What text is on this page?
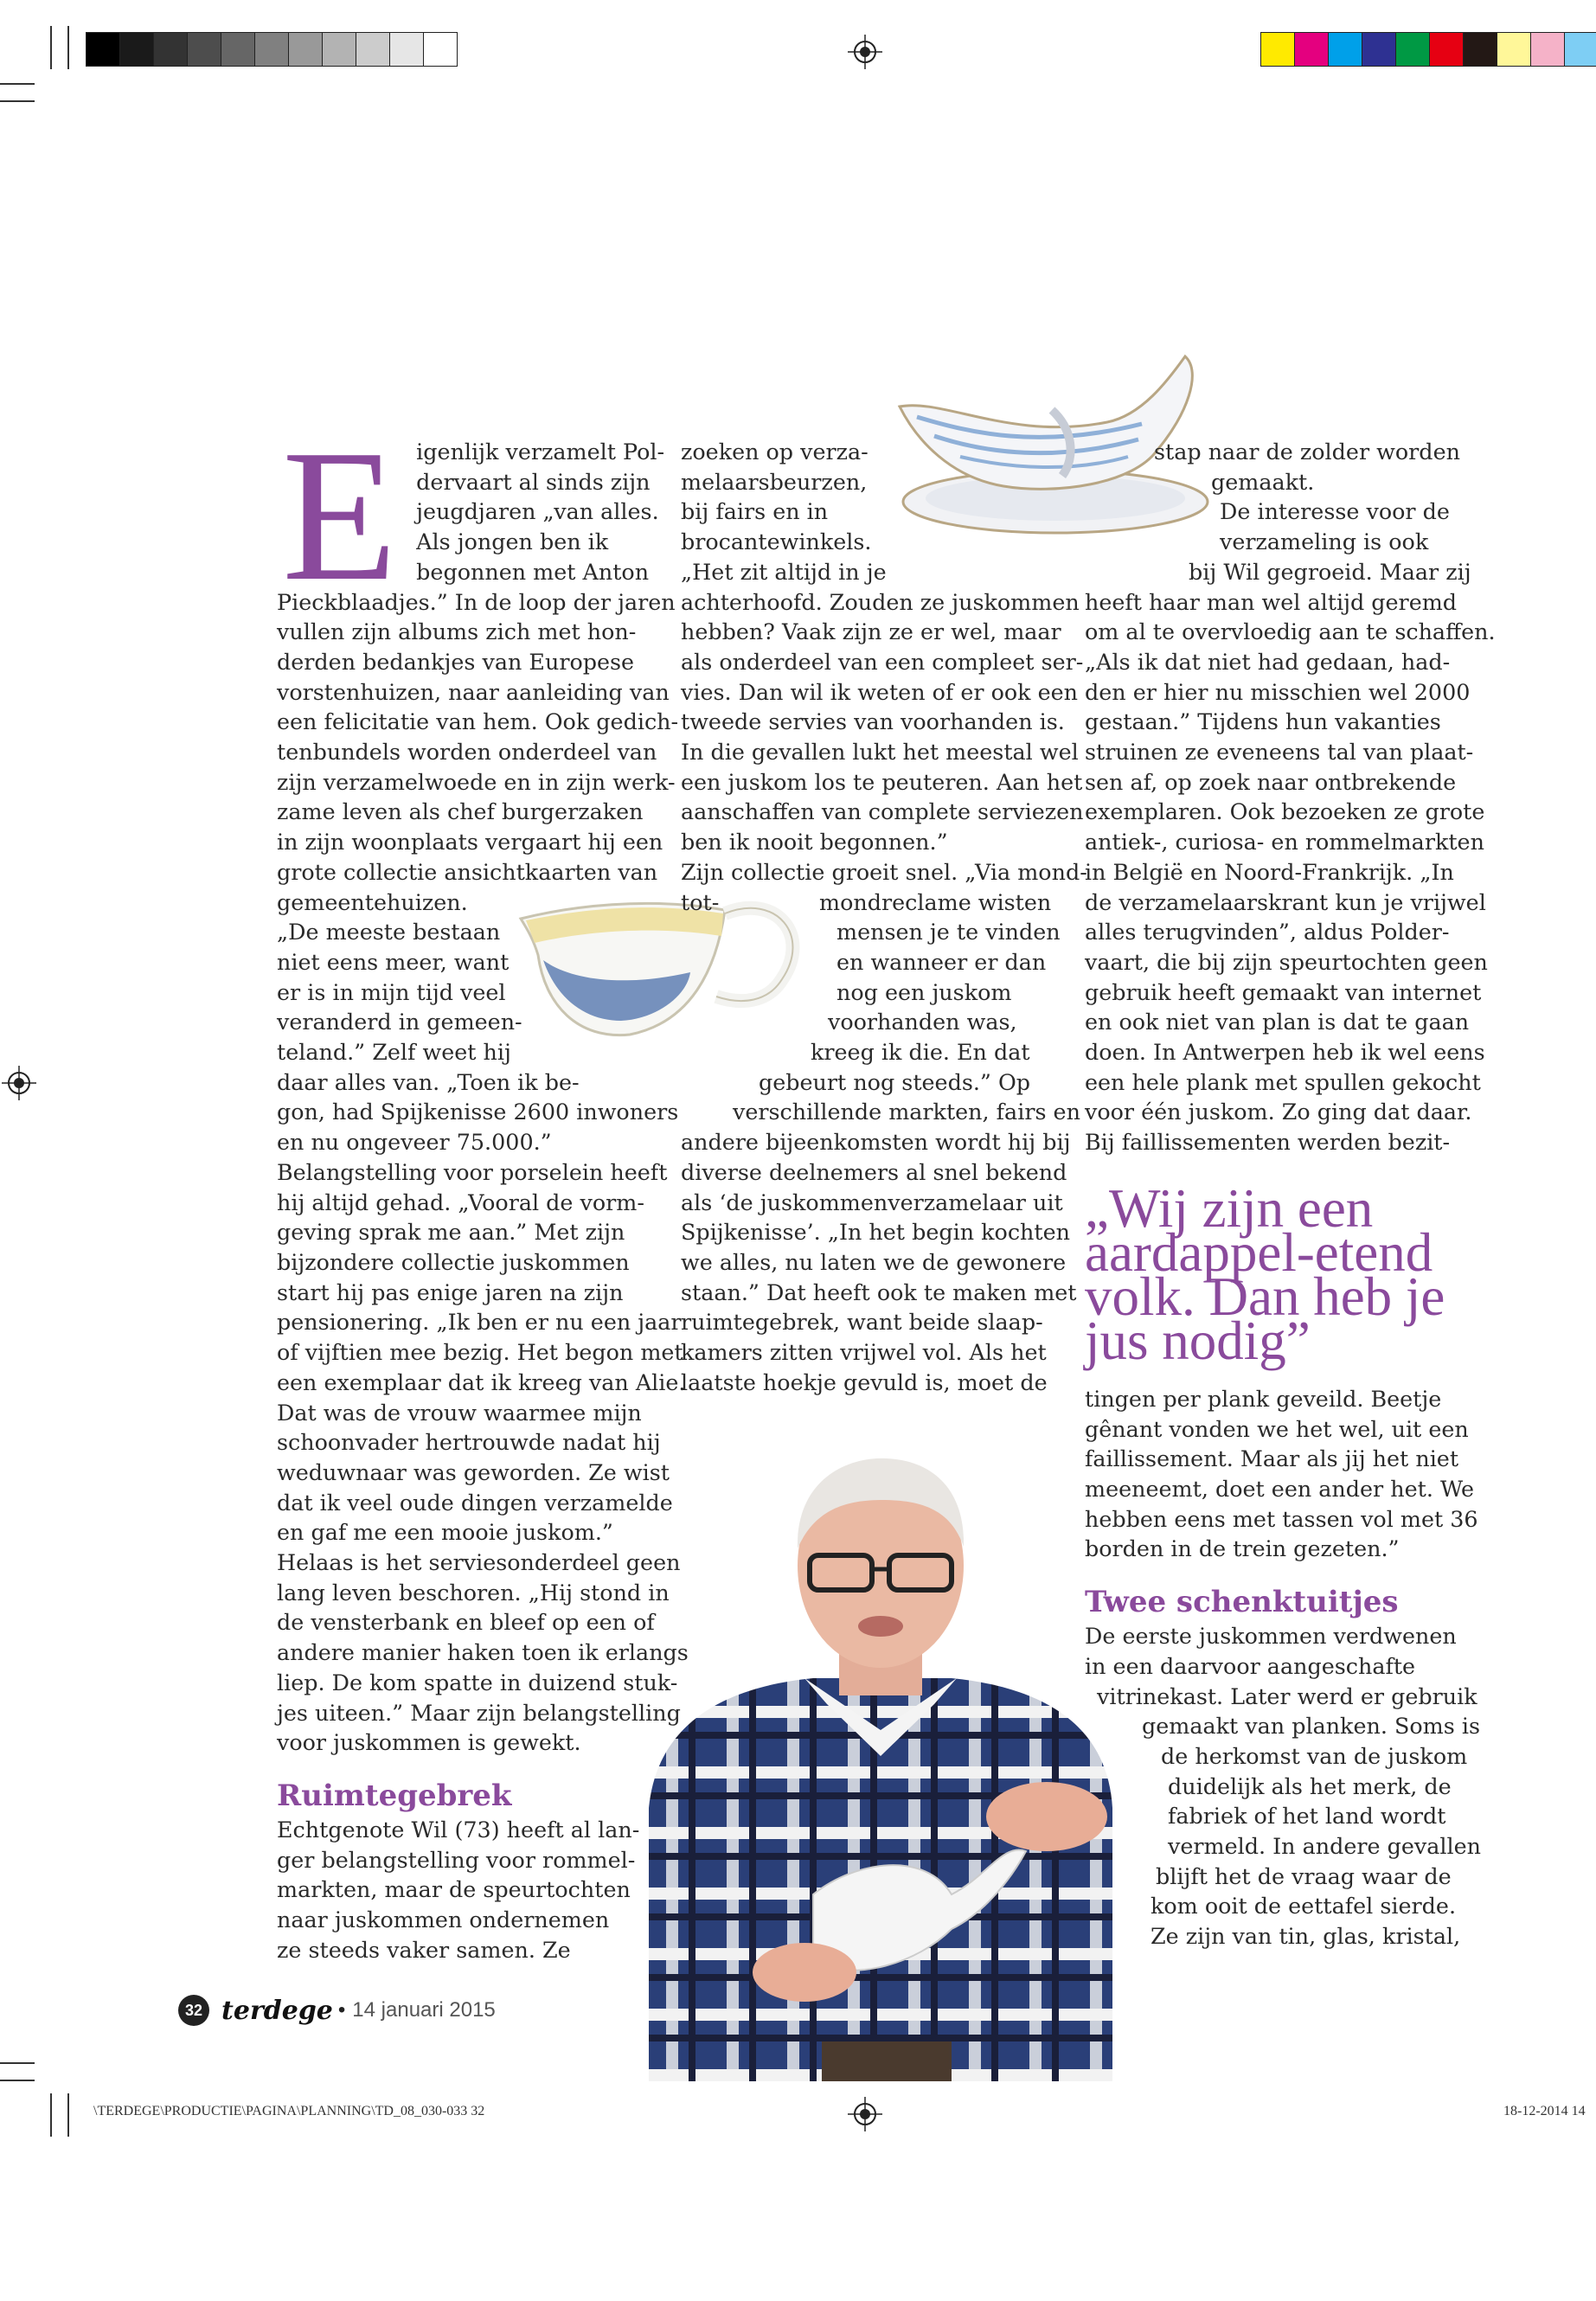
E igenlijk verzamelt Pol-
dervaart al sinds zijn
jeugdjaren „van alles.
Als jongen ben ik
begonnen met Anton

Pieckblaadjes.” In de loop der jaren
vullen zijn albums zich met hon-
derden bedankjes van Europese
vorstenhuizen, naar aanleiding van
een felicitatie van hem. Ook gedich-
tenbundels worden onderdeel van
zijn verzamelwoede en in zijn werk-
zame leven als chef burgerzaken
in zijn woonplaats vergaart hij een
grote collectie ansichtkaarten van
gemeentehuizen.

„De meeste bestaan
niet eens meer, want
er is in mijn tijd veel
veranderd in gemeen-
teland.” Zelf weet hij
daar alles van. „Toen ik be-

gon, had Spijkenisse 2600 inwoners
en nu ongeveer 75.000.”
Belangstelling voor porselein heeft
hij altijd gehad. „Vooral de vorm-
geving sprak me aan.” Met zijn
bijzondere collectie juskommen
start hij pas enige jaren na zijn
pensionering. „Ik ben er nu een jaar
of vijftien mee bezig. Het begon met
een exemplaar dat ik kreeg van Alie.
Dat was de vrouw waarmee mijn
schoonvader hertrouwde nadat hij
weduwnaar was geworden. Ze wist
dat ik veel oude dingen verzamelde
en gaf me een mooie juskom.”
Helaas is het serviesonderdeel geen
lang leven beschoren. „Hij stond in
de vensterbank en bleef op een of
andere manier haken toen ik erlangs
liep. De kom spatte in duizend stuk-
jes uiteen.” Maar zijn belangstelling
voor juskommen is gewekt.

Ruimtegebrek

Echtgenote Wil (73) heeft al lan-
ger belangstelling voor rommel-
markten, maar de speurtochten
naar juskommen ondernemen
ze steeds vaker samen. Ze

zoeken op verza-
melaarsbeurzen,
bij fairs en in
brocantewinkels.

„Het zit altijd in je
achterhoofd. Zouden ze juskommen
hebben? Vaak zijn ze er wel, maar
als onderdeel van een compleet ser-
vies. Dan wil ik weten of er ook een
tweede servies van voorhanden is.
In die gevallen lukt het meestal wel
een juskom los te peuteren. Aan het
aanschaffen van complete serviezen
ben ik nooit begonnen.”
Zijn collectie groeit snel. „Via mond-

tot-	mondreclame wisten
mensen je te vinden
en wanneer er dan
nog een juskom
voorhanden was,
kreeg ik die. En dat
gebeurt nog steeds.” Op
verschillende markten, fairs en

andere bijeenkomsten wordt hij bij
diverse deelnemers al snel bekend
als ‘de juskommenverzamelaar uit
Spijkenisse’. „In het begin kochten
we alles, nu laten we de gewonere
staan.” Dat heeft ook te maken met
ruimtegebrek, want beide slaap-
kamers zitten vrijwel vol. Als het
laatste hoekje gevuld is, moet de

stap naar de zolder worden
gemaakt.
De interesse voor de
verzameling is ook
bij Wil gegroeid. Maar zij

heeft haar man wel altijd geremd
om al te overvloedig aan te schaffen.
„Als ik dat niet had gedaan, had-
den er hier nu misschien wel 2000
gestaan.” Tijdens hun vakanties
struinen ze eveneens tal van plaat-
sen af, op zoek naar ontbrekende
exemplaren. Ook bezoeken ze grote
antiek-, curiosa- en rommelmarkten
in België en Noord-Frankrijk. „In
de verzamelaarskrant kun je vrijwel
alles terugvinden”, aldus Polder-
vaart, die bij zijn speurtochten geen
gebruik heeft gemaakt van internet
en ook niet van plan is dat te gaan
doen. In Antwerpen heb ik wel eens
een hele plank met spullen gekocht
voor één juskom. Zo ging dat daar.
Bij faillissementen werden bezit-

„Wij zijn een
aardappel-etend
volk. Dan heb je
jus nodig”

tingen per plank geveild. Beetje
gênant vonden we het wel, uit een
faillissement. Maar als jij het niet
meeneemt, doet een ander het. We
hebben eens met tassen vol met 36
borden in de trein gezeten.”

Twee schenktuitjes

De eerste juskommen verdwenen
in een daarvoor aangeschafte
vitrinekast. Later werd er gebruik
gemaakt van planken. Soms is
de herkomst van de juskom
duidelijk als het merk, de
fabriek of het land wordt
vermeld. In andere gevallen
blijft het de vraag waar de
kom ooit de eettafel sierde.
Ze zijn van tin, glas, kristal,

32 terdege • 14 januari 2015
\TERDEGE\PRODUCTIE\PAGINA\PLANNING\TD_08_030-033 32	18-12-2014 14
